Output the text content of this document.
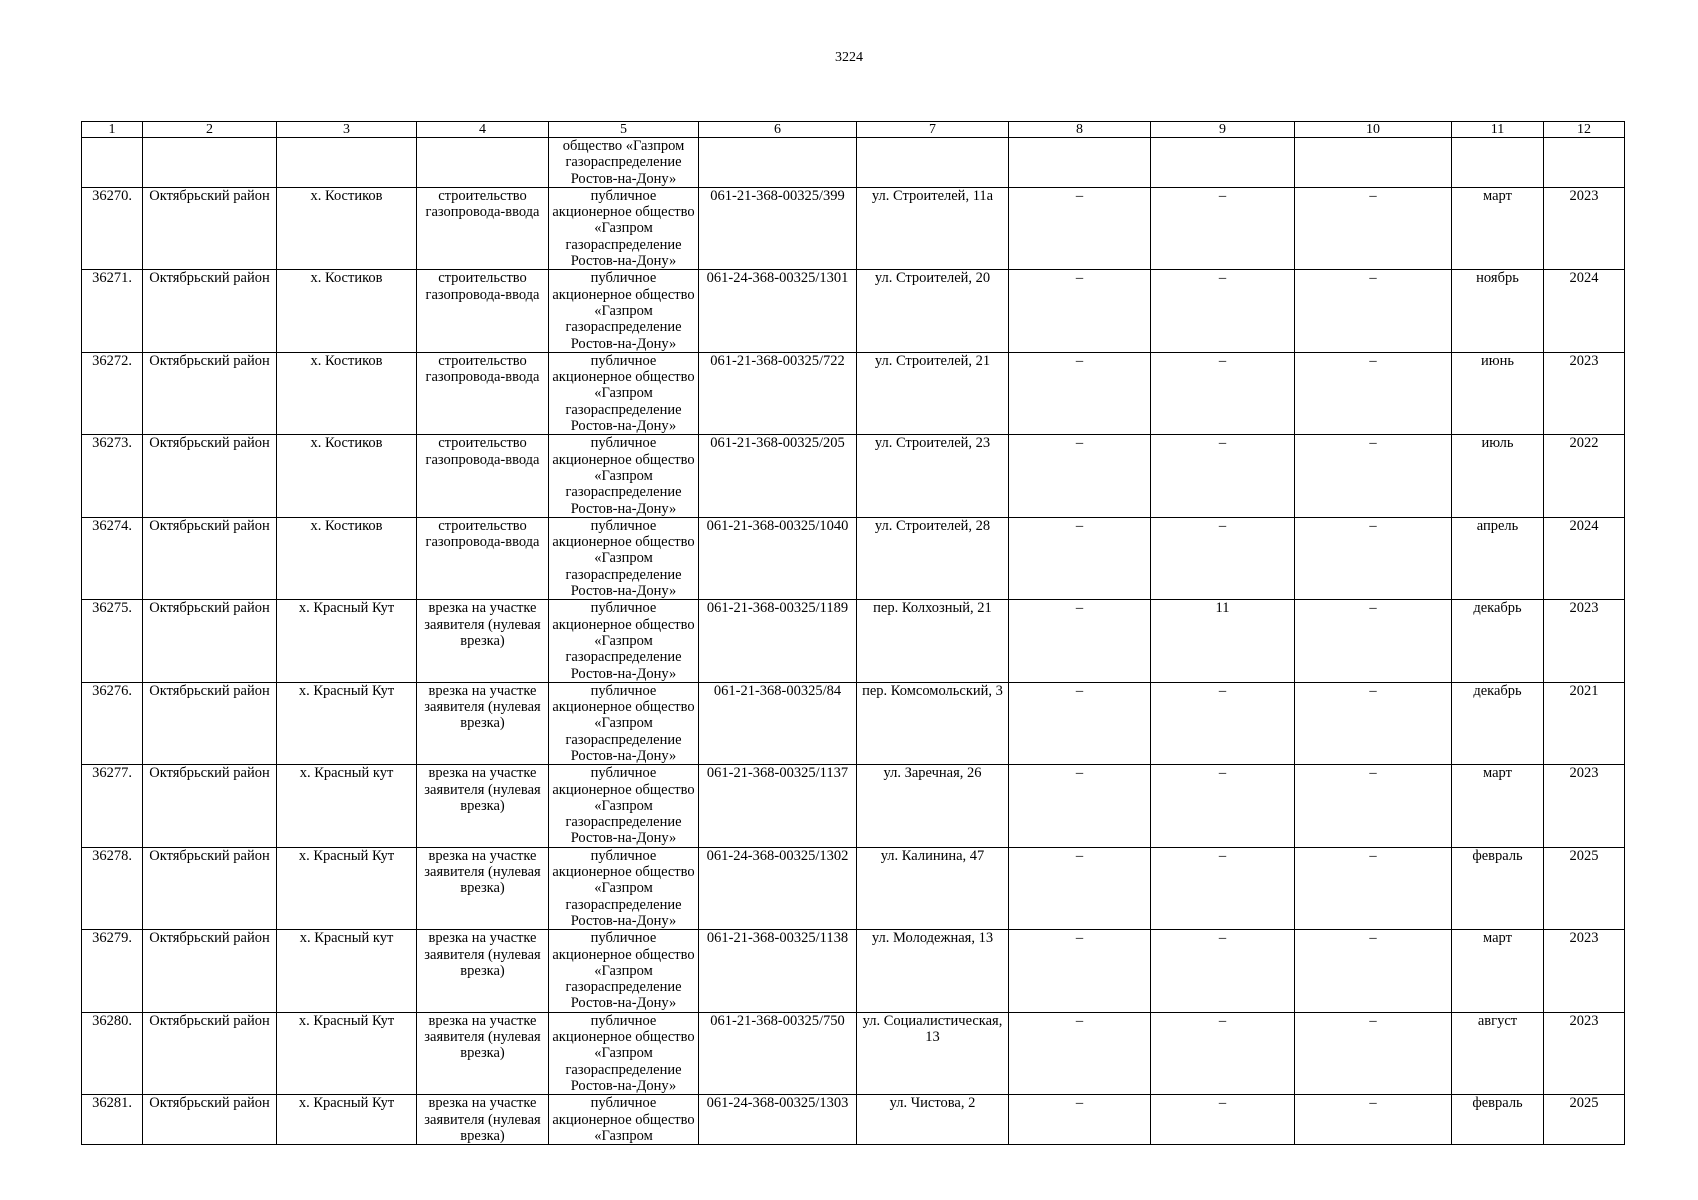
3224
1	2	3	4	5	6	7	8	9	10	11	12
				общество «Газпром газораспределение Ростов-на-Дону»							
36270.	Октябрьский район	х. Костиков	строительство газопровода-ввода	публичное акционерное общество «Газпром газораспределение Ростов-на-Дону»	061-21-368-00325/399	ул. Строителей, 11а	–	–	–	март	2023
36271.	Октябрьский район	х. Костиков	строительство газопровода-ввода	публичное акционерное общество «Газпром газораспределение Ростов-на-Дону»	061-24-368-00325/1301	ул. Строителей, 20	–	–	–	ноябрь	2024
36272.	Октябрьский район	х. Костиков	строительство газопровода-ввода	публичное акционерное общество «Газпром газораспределение Ростов-на-Дону»	061-21-368-00325/722	ул. Строителей, 21	–	–	–	июнь	2023
36273.	Октябрьский район	х. Костиков	строительство газопровода-ввода	публичное акционерное общество «Газпром газораспределение Ростов-на-Дону»	061-21-368-00325/205	ул. Строителей, 23	–	–	–	июль	2022
36274.	Октябрьский район	х. Костиков	строительство газопровода-ввода	публичное акционерное общество «Газпром газораспределение Ростов-на-Дону»	061-21-368-00325/1040	ул. Строителей, 28	–	–	–	апрель	2024
36275.	Октябрьский район	х. Красный Кут	врезка на участке заявителя (нулевая врезка)	публичное акционерное общество «Газпром газораспределение Ростов-на-Дону»	061-21-368-00325/1189	пер. Колхозный, 21	–	11	–	декабрь	2023
36276.	Октябрьский район	х. Красный Кут	врезка на участке заявителя (нулевая врезка)	публичное акционерное общество «Газпром газораспределение Ростов-на-Дону»	061-21-368-00325/84	пер. Комсомольский, 3	–	–	–	декабрь	2021
36277.	Октябрьский район	х. Красный кут	врезка на участке заявителя (нулевая врезка)	публичное акционерное общество «Газпром газораспределение Ростов-на-Дону»	061-21-368-00325/1137	ул. Заречная, 26	–	–	–	март	2023
36278.	Октябрьский район	х. Красный Кут	врезка на участке заявителя (нулевая врезка)	публичное акционерное общество «Газпром газораспределение Ростов-на-Дону»	061-24-368-00325/1302	ул. Калинина, 47	–	–	–	февраль	2025
36279.	Октябрьский район	х. Красный кут	врезка на участке заявителя (нулевая врезка)	публичное акционерное общество «Газпром газораспределение Ростов-на-Дону»	061-21-368-00325/1138	ул. Молодежная, 13	–	–	–	март	2023
36280.	Октябрьский район	х. Красный Кут	врезка на участке заявителя (нулевая врезка)	публичное акционерное общество «Газпром газораспределение Ростов-на-Дону»	061-21-368-00325/750	ул. Социалистическая, 13	–	–	–	август	2023
36281.	Октябрьский район	х. Красный Кут	врезка на участке заявителя (нулевая врезка)	публичное акционерное общество «Газпром	061-24-368-00325/1303	ул. Чистова, 2	–	–	–	февраль	2025
